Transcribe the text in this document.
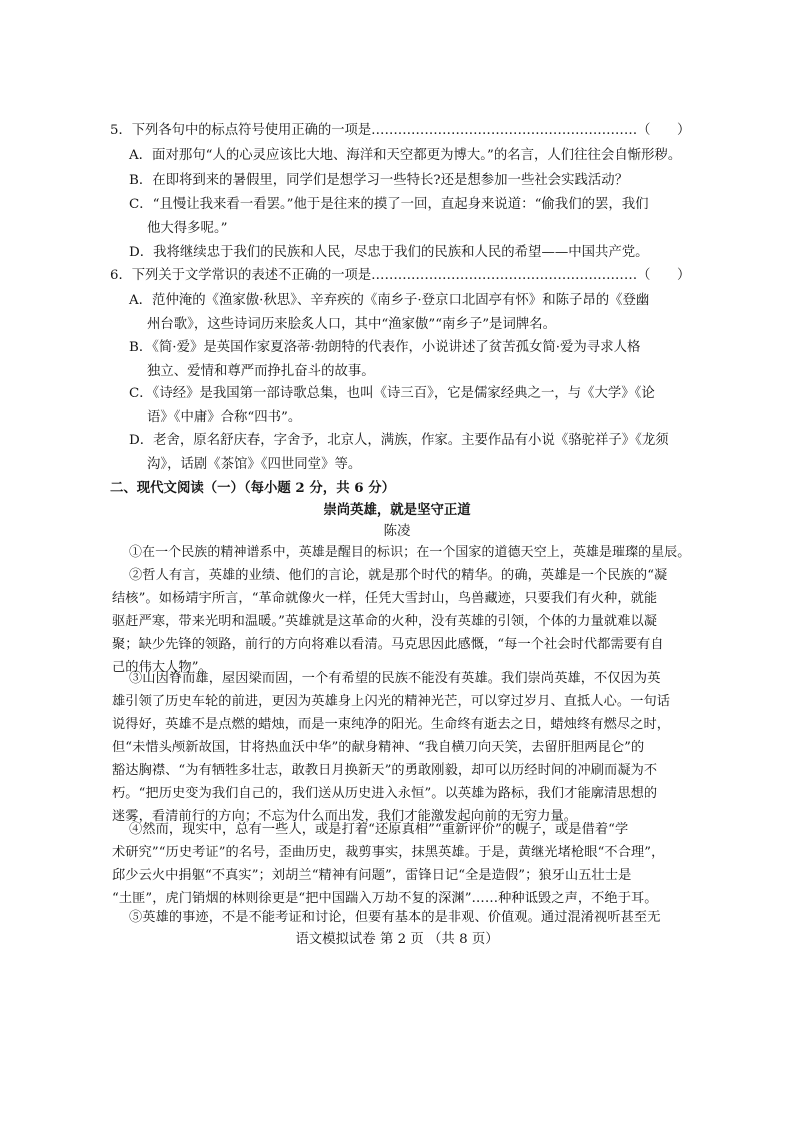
5．下列各句中的标点符号使用正确的一项是……………………………………………………（　　）
A．面对那句“人的心灵应该比大地、海洋和天空都更为博大。”的名言，人们往往会自惭形秽。
B．在即将到来的暑假里，同学们是想学习一些特长?还是想参加一些社会实践活动？
C．“且慢让我来看一看罢。”他于是往来的摸了一回，直起身来说道：“偷我们的罢，我们
他大得多呢。”
D．我将继续忠于我们的民族和人民，尽忠于我们的民族和人民的希望——中国共产党。
6．下列关于文学常识的表述不正确的一项是……………………………………………………（　　）
A．范仲淹的《渔家傲·秋思》、辛弃疾的《南乡子·登京口北固亭有怀》和陈子昂的《登幽
州台歌》，这些诗词历来脍炙人口，其中“渔家傲”“南乡子”是词牌名。
B．《简·爱》是英国作家夏洛蒂·勃朗特的代表作，小说讲述了贫苦孤女简·爱为寻求人格
独立、爱情和尊严而挣扎奋斗的故事。
C．《诗经》是我国第一部诗歌总集，也叫《诗三百》，它是儒家经典之一，与《大学》《论
语》《中庸》合称“四书”。
D．老舍，原名舒庆春，字舍予，北京人，满族，作家。主要作品有小说《骆驼祥子》《龙须
沟》，话剧《茶馆》《四世同堂》等。
二、现代文阅读（一）（每小题 2 分，共 6 分）
崇尚英雄，就是坚守正道
陈凌
①在一个民族的精神谱系中，英雄是醒目的标识；在一个国家的道德天空上，英雄是璀璨的星辰。
②哲人有言，英雄的业绩、他们的言论，就是那个时代的精华。的确，英雄是一个民族的“凝
结核”。如杨靖宇所言，“革命就像火一样，任凭大雪封山，鸟兽藏迹，只要我们有火种，就能
驱赶严寒，带来光明和温暖。”英雄就是这革命的火种，没有英雄的引领，个体的力量就难以凝
聚；缺少先锋的领路，前行的方向将难以看清。马克思因此感慨，“每一个社会时代都需要有自
己的伟大人物”。
③山因脊而雄，屋因梁而固，一个有希望的民族不能没有英雄。我们崇尚英雄，不仅因为英
雄引领了历史车轮的前进，更因为英雄身上闪光的精神光芒，可以穿过岁月、直抵人心。一句话
说得好，英雄不是点燃的蜡烛，而是一束纯净的阳光。生命终有逝去之日，蜡烛终有燃尽之时，
但“未惜头颅新故国，甘将热血沃中华”的献身精神、“我自横刀向天笑，去留肝胆两昆仑”的
豁达胸襟、“为有牺牲多壮志，敢教日月换新天”的勇敢刚毅，却可以历经时间的冲刷而凝为不
朽。“把历史变为我们自己的，我们送从历史进入永恒”。以英雄为路标，我们才能廓清思想的
迷雾，看清前行的方向；不忘为什么而出发，我们才能激发起向前的无穷力量。
④然而，现实中，总有一些人，或是打着“还原真相”“重新评价”的幌子，或是借着“学
术研究”“历史考证”的名号，歪曲历史，裁剪事实，抹黑英雄。于是，黄继光堵枪眼“不合理”，
邱少云火中捐躯“不真实”；刘胡兰“精神有问题”，雷锋日记“全是造假”；狼牙山五壮士是
“土匪”，虎门销烟的林则徐更是“把中国踹入万劫不复的深渊”……种种诋毁之声，不绝于耳。
⑤英雄的事迹，不是不能考证和讨论，但要有基本的是非观、价值观。通过混淆视听甚至无
语文模拟试卷 第 2 页 （共 8 页）
